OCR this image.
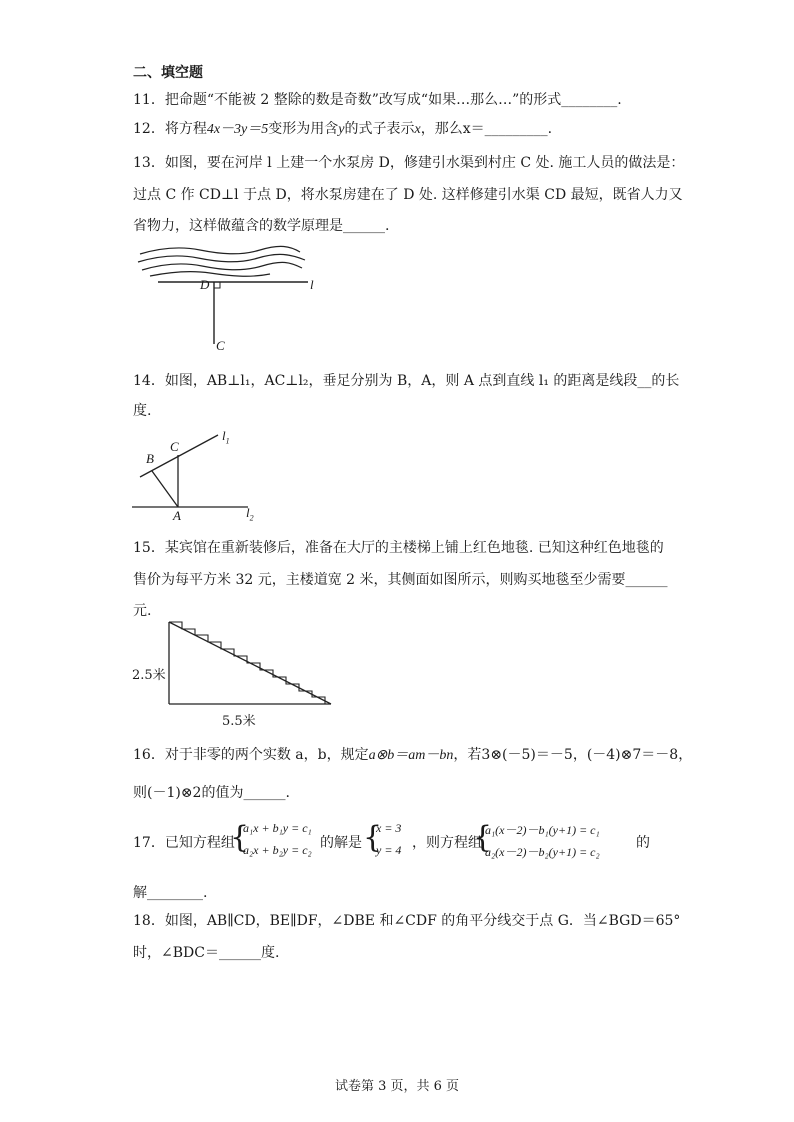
二、填空题
11．把命题“不能被 2 整除的数是奇数”改写成“如果…那么…”的形式________.
12．将方程4x－3y＝5变形为用含y的式子表示x，那么x＝_________.
13．如图，要在河岸 l 上建一个水泵房 D，修建引水渠到村庄 C 处. 施工人员的做法是：
过点 C 作 CD⊥l 于点 D，将水泵房建在了 D 处. 这样修建引水渠 CD 最短，既省人力又
省物力，这样做蕴含的数学原理是______.
D	l
C
14．如图，AB⊥l₁，AC⊥l₂，垂足分别为 B，A，则 A 点到直线 l₁ 的距离是线段__的长
度.
B
C
A
$l_1$
$l_2$
15．某宾馆在重新装修后，准备在大厅的主楼梯上铺上红色地毯. 已知这种红色地毯的
售价为每平方米 32 元，主楼道宽 2 米，其侧面如图所示，则购买地毯至少需要______
元.
2.5米
5.5米
16．对于非零的两个实数 a，b，规定a⊗b＝am－bn，若3⊗(－5)＝－5，(－4)⊗7＝－8，
则(－1)⊗2的值为______.
17．已知方程组
{
a₁x + b₁y = c₁
a₂x + b₂y = c₂ 的解是 {
x = 3
y = 4 ，则方程组
{
a₁(x－2)－b₁(y+1) = c₁
a₂(x－2)－b₂(y+1) = c₂
的
解________.
18．如图，AB∥CD，BE∥DF，∠DBE 和∠CDF 的角平分线交于点 G．当∠BGD＝65°
时，∠BDC＝______度.
试卷第 3 页，共 6 页
